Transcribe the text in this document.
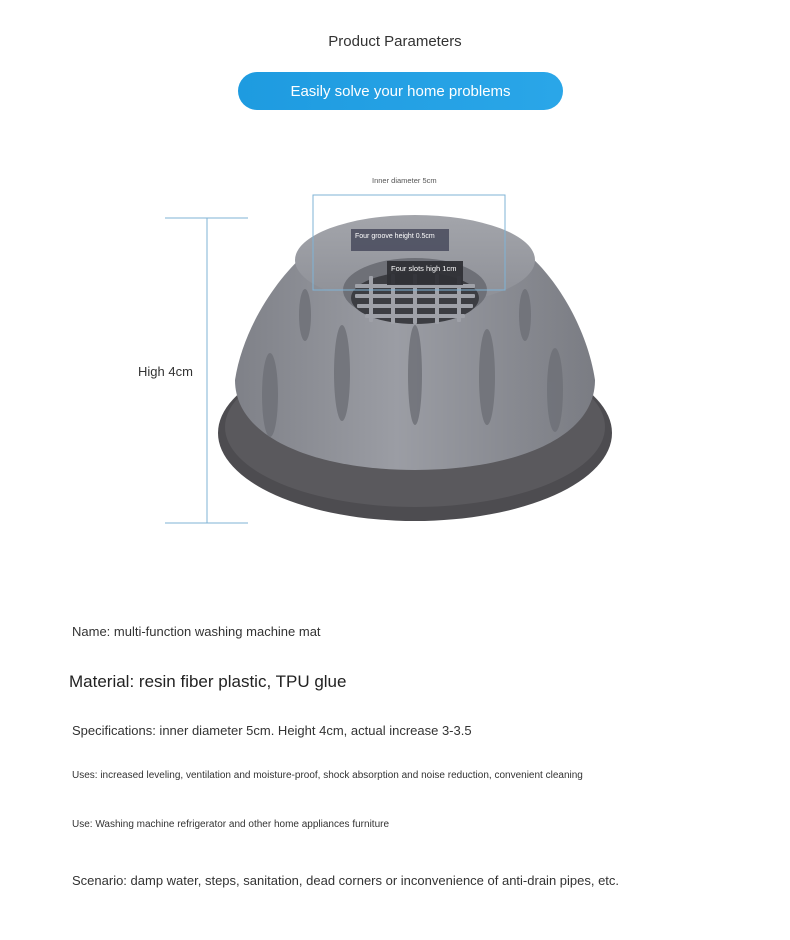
Product Parameters
Easily solve your home problems
Inner diameter 5cm
Four groove height 0.5cm
Four slots high 1cm
High 4cm
Name: multi-function washing machine mat
Material: resin fiber plastic, TPU glue
Specifications: inner diameter 5cm. Height 4cm, actual increase 3-3.5
Uses: increased leveling, ventilation and moisture-proof, shock absorption and noise reduction, convenient cleaning
Use: Washing machine refrigerator and other home appliances furniture
Scenario: damp water, steps, sanitation, dead corners or inconvenience of anti-drain pipes, etc.
